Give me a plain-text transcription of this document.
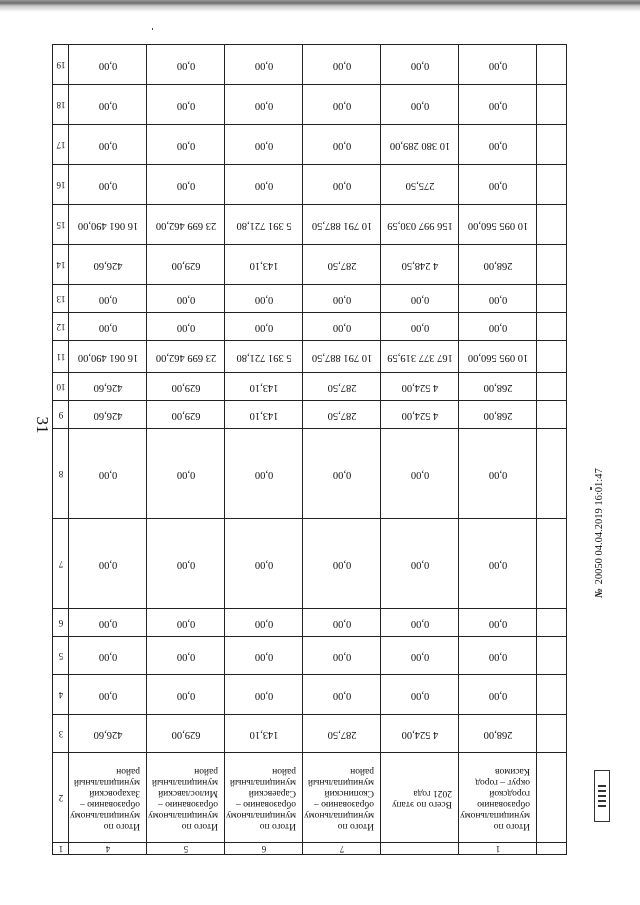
31
19	0,00	0,00	0,00	0,00	0,00	0,00	

18	0,00	0,00	0,00	0,00	0,00	0,00	

17	0,00	0,00	0,00	0,00	10 380 289,00	0,00	

16	0,00	0,00	0,00	0,00	275,50	0,00	

15	16 061 490,00	23 699 462,00	5 391 721,80	10 791 887,50	156 997 030,59	10 095 560,00	

14	426,60	629,00	143,10	287,50	4 248,50	268,00	

13	0,00	0,00	0,00	0,00	0,00	0,00	

12	0,00	0,00	0,00	0,00	0,00	0,00	

11	16 061 490,00	23 699 462,00	5 391 721,80	10 791 887,50	167 377 319,59	10 095 560,00	

10	426,60	629,00	143,10	287,50	4 524,00	268,00	

9	426,60	629,00	143,10	287,50	4 524,00	268,00	

8	0,00	0,00	0,00	0,00	0,00	0,00	

7	0,00	0,00	0,00	0,00	0,00	0,00	

6	0,00	0,00	0,00	0,00	0,00	0,00	

5	0,00	0,00	0,00	0,00	0,00	0,00	

4	0,00	0,00	0,00	0,00	0,00	0,00	

3	426,60	629,00	143,10	287,50	4 524,00	268,00	

2	Итого по муниципальному образованию – Захаровский муниципальный район	Итого по муниципальному образованию – Милославский муниципальный район	Итого по муниципальному образованию – Сараевский муниципальный район	Итого по муниципальному образованию – Скопинский муниципальный район	Всего по этапу 2021 года	Итого по муниципальному образованию городской округ – город Касимов	

1	4	5	6	7		1	

№20050 04.04.2019 16:01:47
